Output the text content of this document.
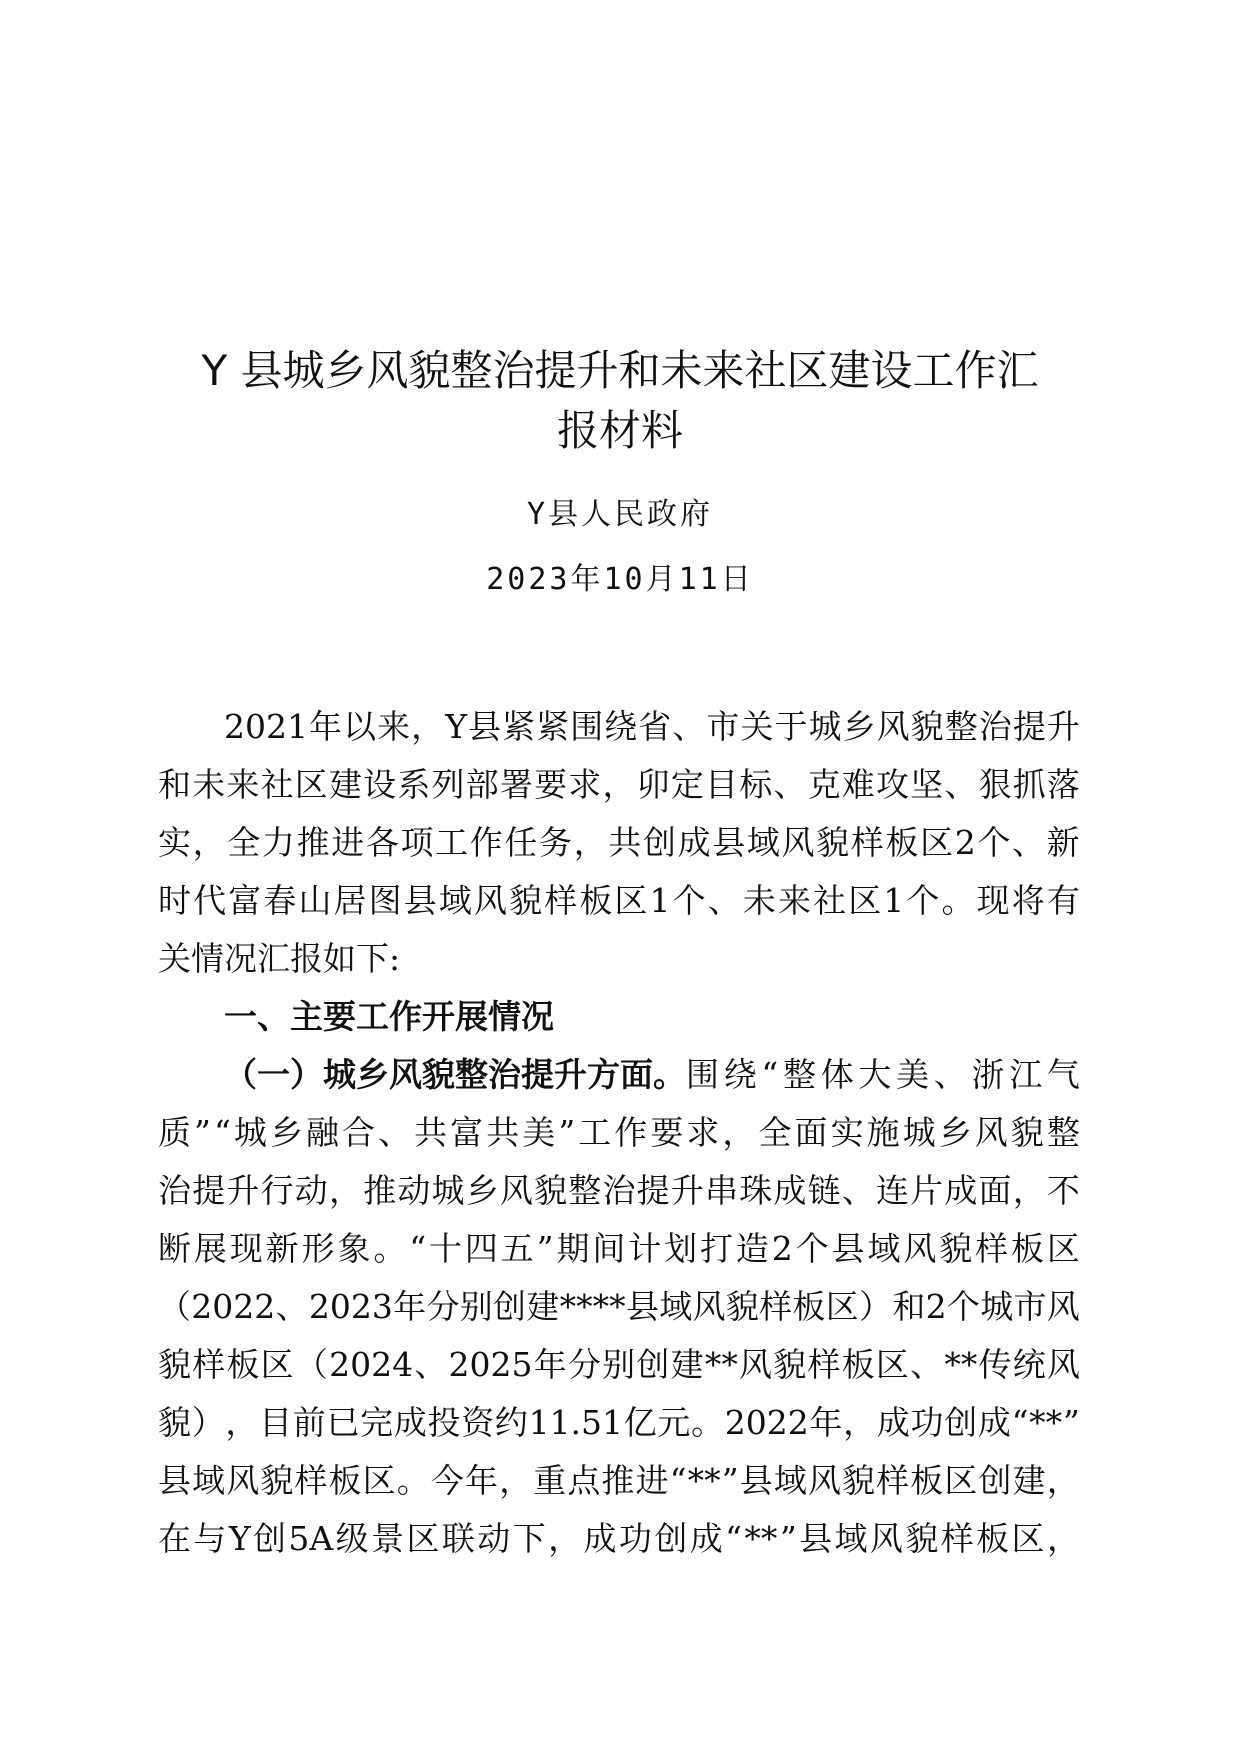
Y 县城乡风貌整治提升和未来社区建设工作汇
报材料

Y县人民政府

2023年10月11日

2021 年 以 来 ， Y 县 紧 紧 围 绕 省 、 市 关 于 城 乡 风 貌 整 治 提 升
和 未 来 社 区 建 设 系 列 部 署 要 求 ， 卯 定 目 标 、 克 难 攻 坚 、 狠 抓 落
实 ， 全 力 推 进 各 项 工 作 任 务 ， 共 创 成 县 域 风 貌 样 板 区 2 个 、 新
时 代 富 春 山 居 图 县 域 风 貌 样 板 区 1 个 、 未 来 社 区 1 个 。 现 将 有
关情况汇报如下:
一、主要工作开展情况
（一）城乡风貌整治提升方面。 围 绕 “ 整 体 大 美 、 浙 江 气
质 ” “ 城 乡 融 合 、 共 富 共 美 ” 工 作 要 求 ， 全 面 实 施 城 乡 风 貌 整
治 提 升 行 动 ， 推 动 城 乡 风 貌 整 治 提 升 串 珠 成 链 、 连 片 成 面 ， 不
断 展 现 新 形 象 。 “ 十 四 五 ” 期 间 计 划 打 造 2 个 县 域 风 貌 样 板 区
（ 2022 、 2023 年 分 别 创 建 **** 县 域 风 貌 样 板 区 ） 和 2 个 城 市 风
貌 样 板 区 （ 2024 、 2025 年 分 别 创 建 ** 风 貌 样 板 区 、 ** 传 统 风
貌 ） ， 目 前 已 完 成 投 资 约 11.51 亿 元 。 2022 年 ， 成 功 创 成 “ ** ”
县 域 风 貌 样 板 区 。 今 年 ， 重 点 推 进 “ ** ” 县 域 风 貌 样 板 区 创 建 ，
在 与 Y 创 5A 级 景 区 联 动 下 ， 成 功 创 成 “ ** ” 县 域 风 貌 样 板 区 ，
